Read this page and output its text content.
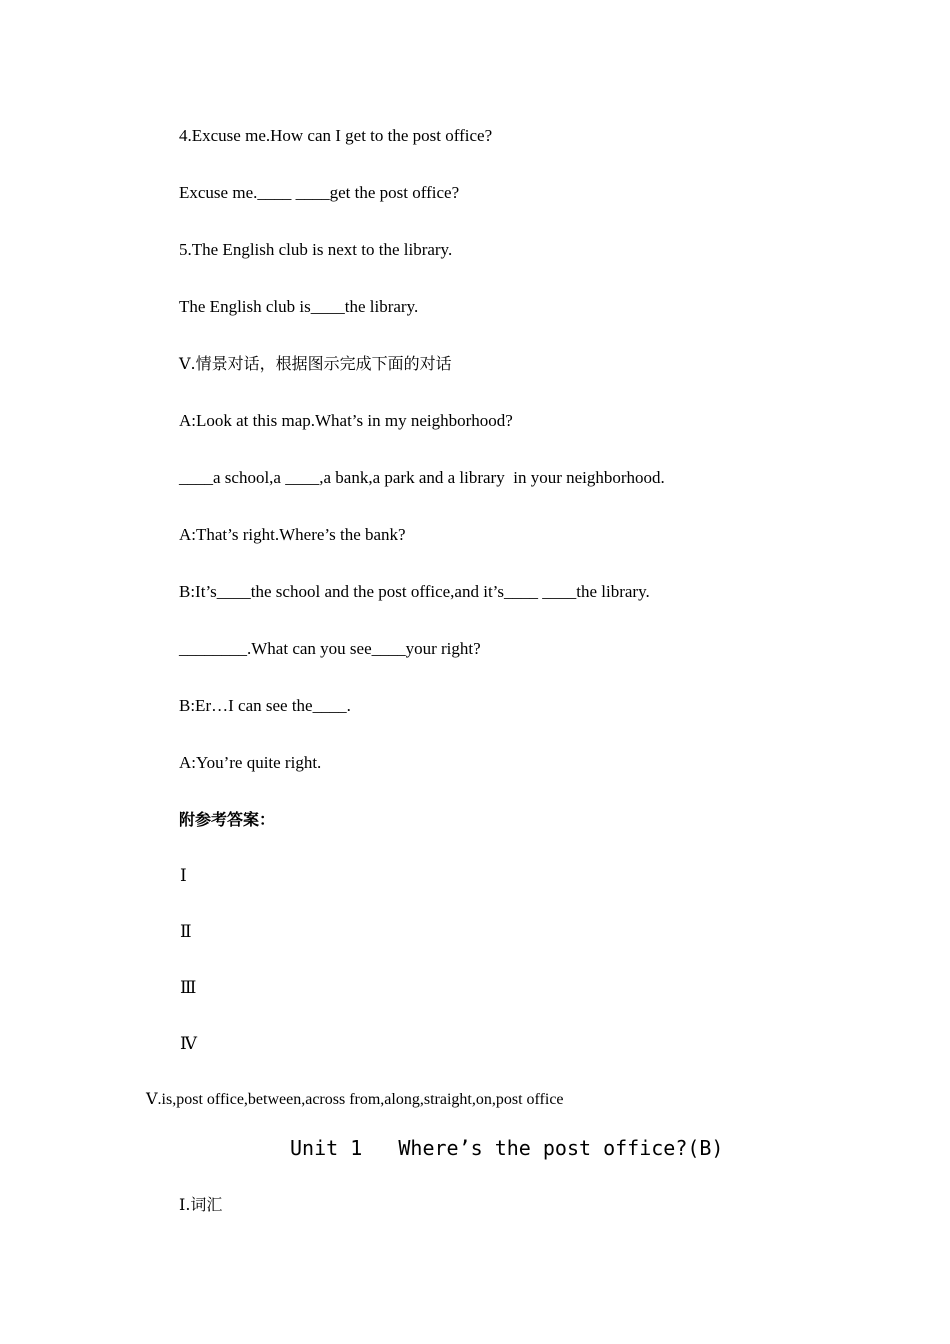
4.Excuse me.How can I get to the post office?
Excuse me.____ ____get the post office?
5.The English club is next to the library.
The English club is____the library.
Ⅴ.情景对话，根据图示完成下面的对话
A:Look at this map.What’s in my neighborhood?
____a school,a ____,a bank,a park and a library  in your neighborhood.
A:That’s right.Where’s the bank?
B:It’s____the school and the post office,and it’s____ ____the library.
________.What can you see____your right?
B:Er…I can see the____.
A:You’re quite right.
附参考答案：
Ⅰ
Ⅱ
Ⅲ
Ⅳ
Ⅴ.is,post office,between,across from,along,straight,on,post office
Unit 1   Where’s the post office?(B)
Ⅰ.词汇
